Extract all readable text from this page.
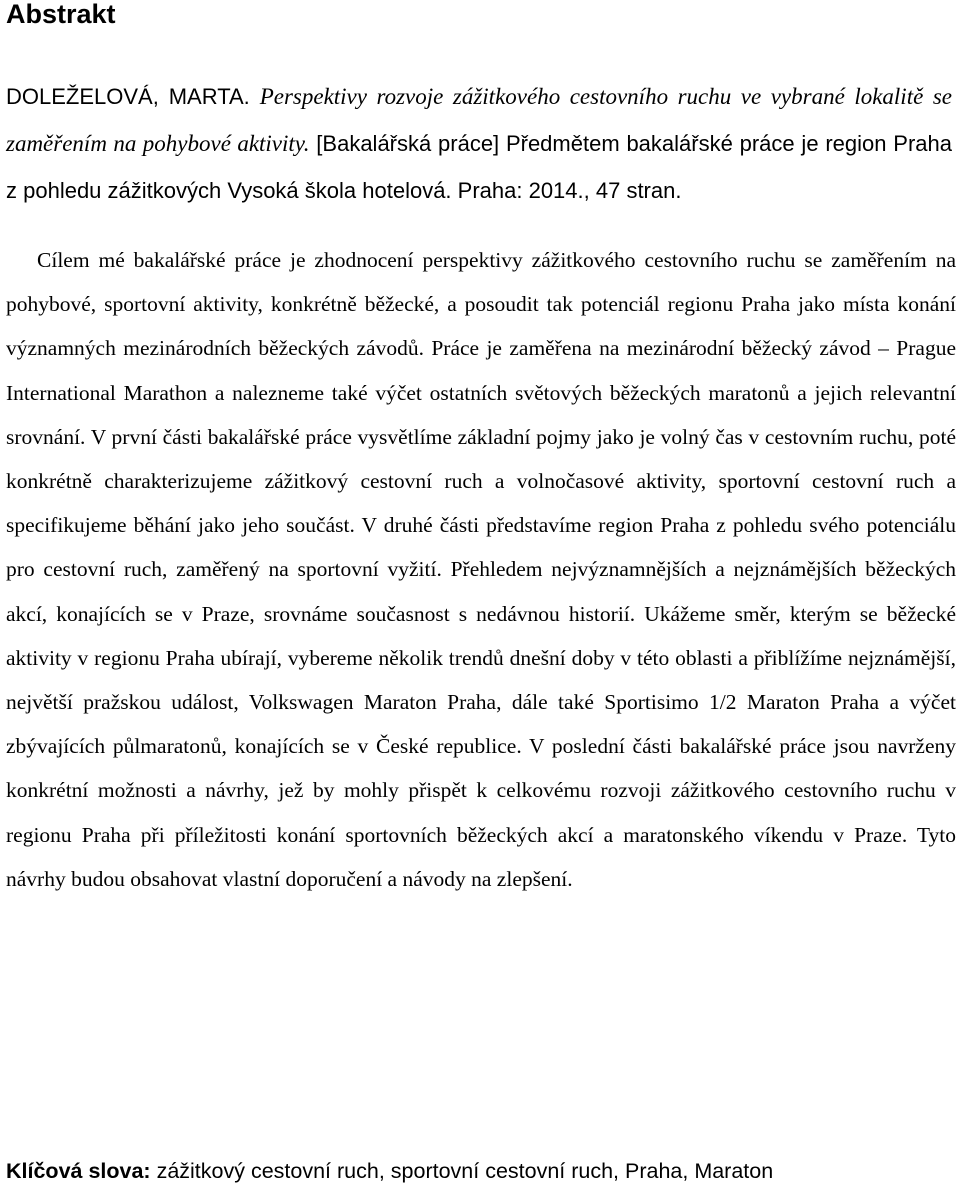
Abstrakt

DOLEŽELOVÁ, MARTA. Perspektivy rozvoje zážitkového cestovního ruchu ve vybrané lokalitě se zaměřením na pohybové aktivity. [Bakalářská práce] Předmětem bakalářské práce je region Praha z pohledu zážitkových Vysoká škola hotelová. Praha: 2014., 47 stran.

Cílem mé bakalářské práce je zhodnocení perspektivy zážitkového cestovního ruchu se zaměřením na pohybové, sportovní aktivity, konkrétně běžecké, a posoudit tak potenciál regionu Praha jako místa konání významných mezinárodních běžeckých závodů. Práce je zaměřena na mezinárodní běžecký závod – Prague International Marathon a nalezneme také výčet ostatních světových běžeckých maratonů a jejich relevantní srovnání. V první části bakalářské práce vysvětlíme základní pojmy jako je volný čas v cestovním ruchu, poté konkrétně charakterizujeme zážitkový cestovní ruch a volnočasové aktivity, sportovní cestovní ruch a specifikujeme běhání jako jeho součást. V druhé části představíme region Praha z pohledu svého potenciálu pro cestovní ruch, zaměřený na sportovní vyžití. Přehledem nejvýznamnějších a nejznámějších běžeckých akcí, konajících se v Praze, srovnáme současnost s nedávnou historií. Ukážeme směr, kterým se běžecké aktivity v regionu Praha ubírají, vybereme několik trendů dnešní doby v této oblasti a přiblížíme nejznámější, největší pražskou událost, Volkswagen Maraton Praha, dále také Sportisimo 1/2 Maraton Praha a výčet zbývajících půlmaratonů, konajících se v České republice. V poslední části bakalářské práce jsou navrženy konkrétní možnosti a návrhy, jež by mohly přispět k celkovému rozvoji zážitkového cestovního ruchu v regionu Praha při příležitosti konání sportovních běžeckých akcí a maratonského víkendu v Praze. Tyto návrhy budou obsahovat vlastní doporučení a návody na zlepšení.

Klíčová slova: zážitkový cestovní ruch, sportovní cestovní ruch, Praha, Maraton
